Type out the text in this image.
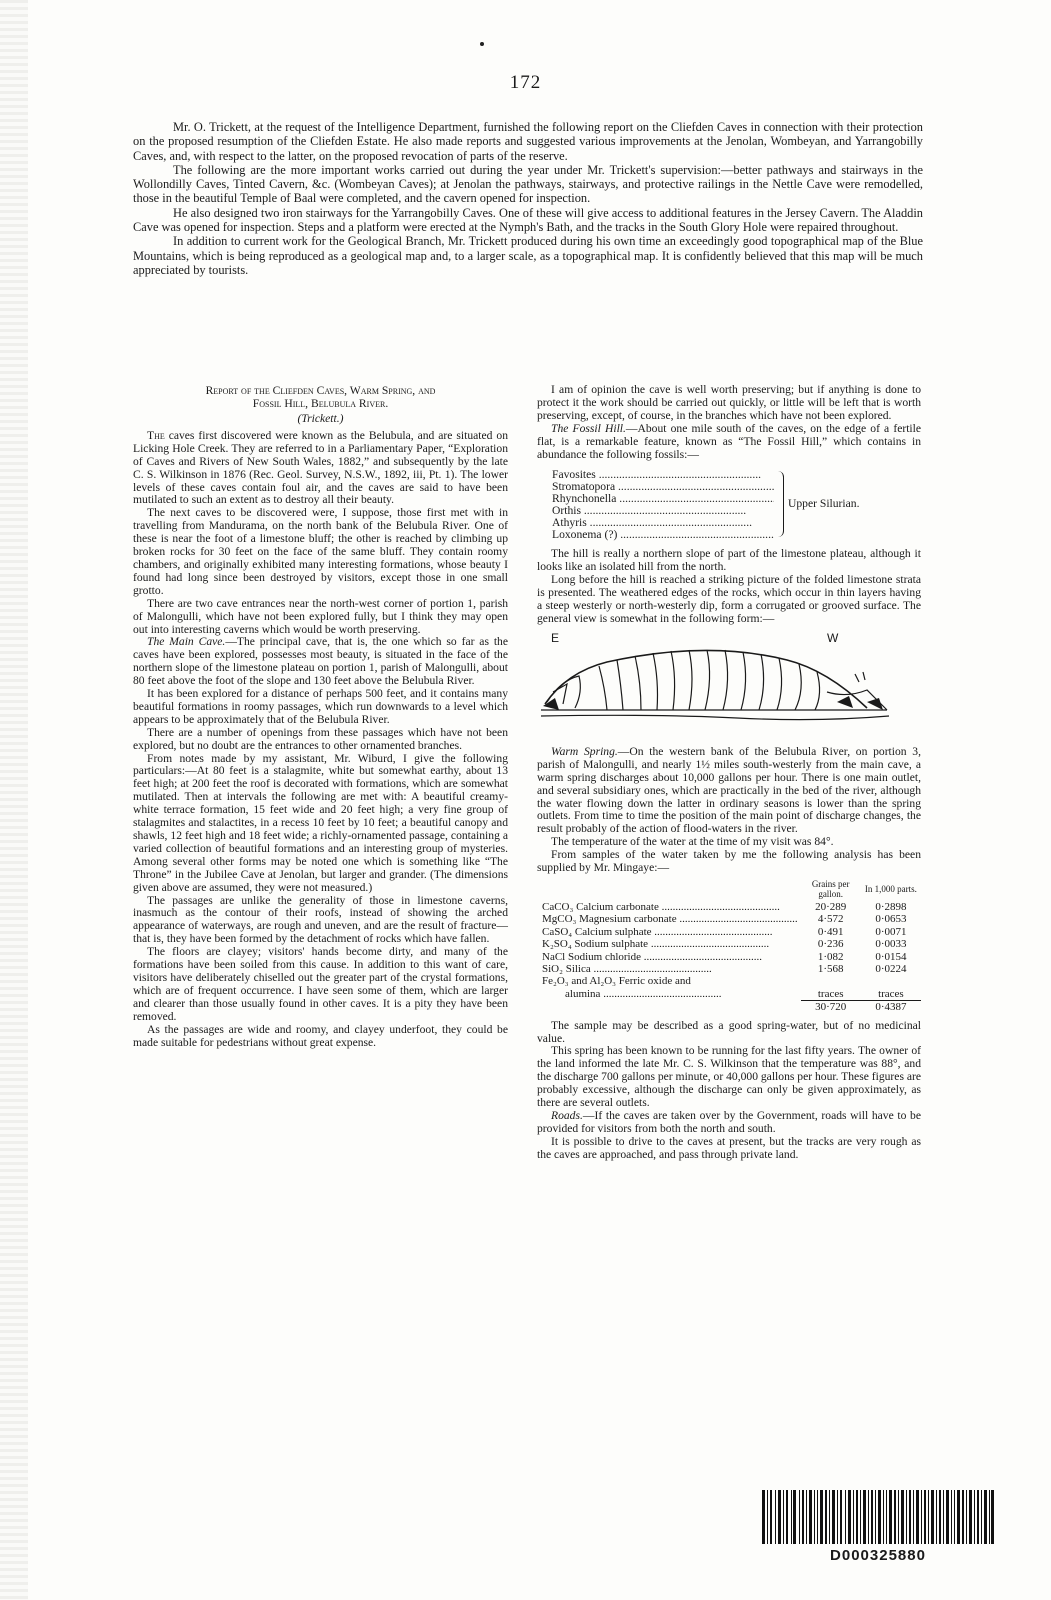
172

Mr. O. Trickett, at the request of the Intelligence Department, furnished the following report on the Cliefden Caves in connection with their protection on the proposed resumption of the Cliefden Estate. He also made reports and suggested various improvements at the Jenolan, Wombeyan, and Yarrangobilly Caves, and, with respect to the latter, on the proposed revocation of parts of the reserve.

The following are the more important works carried out during the year under Mr. Trickett's supervision:—better pathways and stairways in the Wollondilly Caves, Tinted Cavern, &c. (Wombeyan Caves); at Jenolan the pathways, stairways, and protective railings in the Nettle Cave were remodelled, those in the beautiful Temple of Baal were completed, and the cavern opened for inspection.

He also designed two iron stairways for the Yarrangobilly Caves. One of these will give access to additional features in the Jersey Cavern. The Aladdin Cave was opened for inspection. Steps and a platform were erected at the Nymph's Bath, and the tracks in the South Glory Hole were repaired throughout.

In addition to current work for the Geological Branch, Mr. Trickett produced during his own time an exceedingly good topographical map of the Blue Mountains, which is being reproduced as a geological map and, to a larger scale, as a topographical map. It is confidently believed that this map will be much appreciated by tourists.

Report of the Cliefden Caves, Warm Spring, and
Fossil Hill, Belubula River.
(Trickett.)

The caves first discovered were known as the Belubula, and are situated on Licking Hole Creek. They are referred to in a Parliamentary Paper, “Exploration of Caves and Rivers of New South Wales, 1882,” and subsequently by the late C. S. Wilkinson in 1876 (Rec. Geol. Survey, N.S.W., 1892, iii, Pt. 1). The lower levels of these caves contain foul air, and the caves are said to have been mutilated to such an extent as to destroy all their beauty.

The next caves to be discovered were, I suppose, those first met with in travelling from Mandurama, on the north bank of the Belubula River. One of these is near the foot of a limestone bluff; the other is reached by climbing up broken rocks for 30 feet on the face of the same bluff. They contain roomy chambers, and originally exhibited many interesting formations, whose beauty I found had long since been destroyed by visitors, except those in one small grotto.

There are two cave entrances near the north-west corner of portion 1, parish of Malongulli, which have not been explored fully, but I think they may open out into interesting caverns which would be worth preserving.

The Main Cave.—The principal cave, that is, the one which so far as the caves have been explored, possesses most beauty, is situated in the face of the northern slope of the limestone plateau on portion 1, parish of Malongulli, about 80 feet above the foot of the slope and 130 feet above the Belubula River.

It has been explored for a distance of perhaps 500 feet, and it contains many beautiful formations in roomy passages, which run downwards to a level which appears to be approximately that of the Belubula River.

There are a number of openings from these passages which have not been explored, but no doubt are the entrances to other ornamented branches.

From notes made by my assistant, Mr. Wiburd, I give the following particulars:—At 80 feet is a stalagmite, white but somewhat earthy, about 13 feet high; at 200 feet the roof is decorated with formations, which are somewhat mutilated. Then at intervals the following are met with: A beautiful creamy-white terrace formation, 15 feet wide and 20 feet high; a very fine group of stalagmites and stalactites, in a recess 10 feet by 10 feet; a beautiful canopy and shawls, 12 feet high and 18 feet wide; a richly-ornamented passage, containing a varied collection of beautiful formations and an interesting group of mysteries. Among several other forms may be noted one which is something like “The Throne” in the Jubilee Cave at Jenolan, but larger and grander. (The dimensions given above are assumed, they were not measured.)

The passages are unlike the generality of those in limestone caverns, inasmuch as the contour of their roofs, instead of showing the arched appearance of waterways, are rough and uneven, and are the result of fracture—that is, they have been formed by the detachment of rocks which have fallen.

The floors are clayey; visitors' hands become dirty, and many of the formations have been soiled from this cause. In addition to this want of care, visitors have deliberately chiselled out the greater part of the crystal formations, which are of frequent occurrence. I have seen some of them, which are larger and clearer than those usually found in other caves. It is a pity they have been removed.

As the passages are wide and roomy, and clayey underfoot, they could be made suitable for pedestrians without great expense.

I am of opinion the cave is well worth preserving; but if anything is done to protect it the work should be carried out quickly, or little will be left that is worth preserving, except, of course, in the branches which have not been explored.

The Fossil Hill.—About one mile south of the caves, on the edge of a fertile flat, is a remarkable feature, known as “The Fossil Hill,” which contains in abundance the following fossils:—

Favosites .....
Stromatopora .....
Rhynchonella .....
Orthis .....
Athyris .....
Loxonema (?) .....
Upper Silurian.

The hill is really a northern slope of part of the limestone plateau, although it looks like an isolated hill from the north.

Long before the hill is reached a striking picture of the folded limestone strata is presented. The weathered edges of the rocks, which occur in thin layers having a steep westerly or north-westerly dip, form a corrugated or grooved surface. The general view is somewhat in the following form:—

E	W

Warm Spring.—On the western bank of the Belubula River, on portion 3, parish of Malongulli, and nearly 1½ miles south-westerly from the main cave, a warm spring discharges about 10,000 gallons per hour. There is one main outlet, and several subsidiary ones, which are practically in the bed of the river, although the water flowing down the latter in ordinary seasons is lower than the spring outlets. From time to time the position of the main point of discharge changes, the result probably of the action of flood-waters in the river.

The temperature of the water at the time of my visit was 84°.

From samples of the water taken by me the following analysis has been supplied by Mr. Mingaye:—

	Grains per gallon.	In 1,000 parts.
CaCO₃ Calcium carbonate .....	20·289	0·2898
MgCO₃ Magnesium carbonate .....	4·572	0·0653
CaSO₄ Calcium sulphate .....	0·491	0·0071
K₂SO₄ Sodium sulphate .....	0·236	0·0033
NaCl Sodium chloride .....	1·082	0·0154
SiO₂ Silica .....	1·568	0·0224
Fe₂O₃ and Al₂O₃ Ferric oxide and		
alumina .....	traces	traces
	30·720	0·4387

The sample may be described as a good spring-water, but of no medicinal value.

This spring has been known to be running for the last fifty years. The owner of the land informed the late Mr. C. S. Wilkinson that the temperature was 88°, and the discharge 700 gallons per minute, or 40,000 gallons per hour. These figures are probably excessive, although the discharge can only be given approximately, as there are several outlets.

Roads.—If the caves are taken over by the Government, roads will have to be provided for visitors from both the north and south.

It is possible to drive to the caves at present, but the tracks are very rough as the caves are approached, and pass through private land.

D000325880
